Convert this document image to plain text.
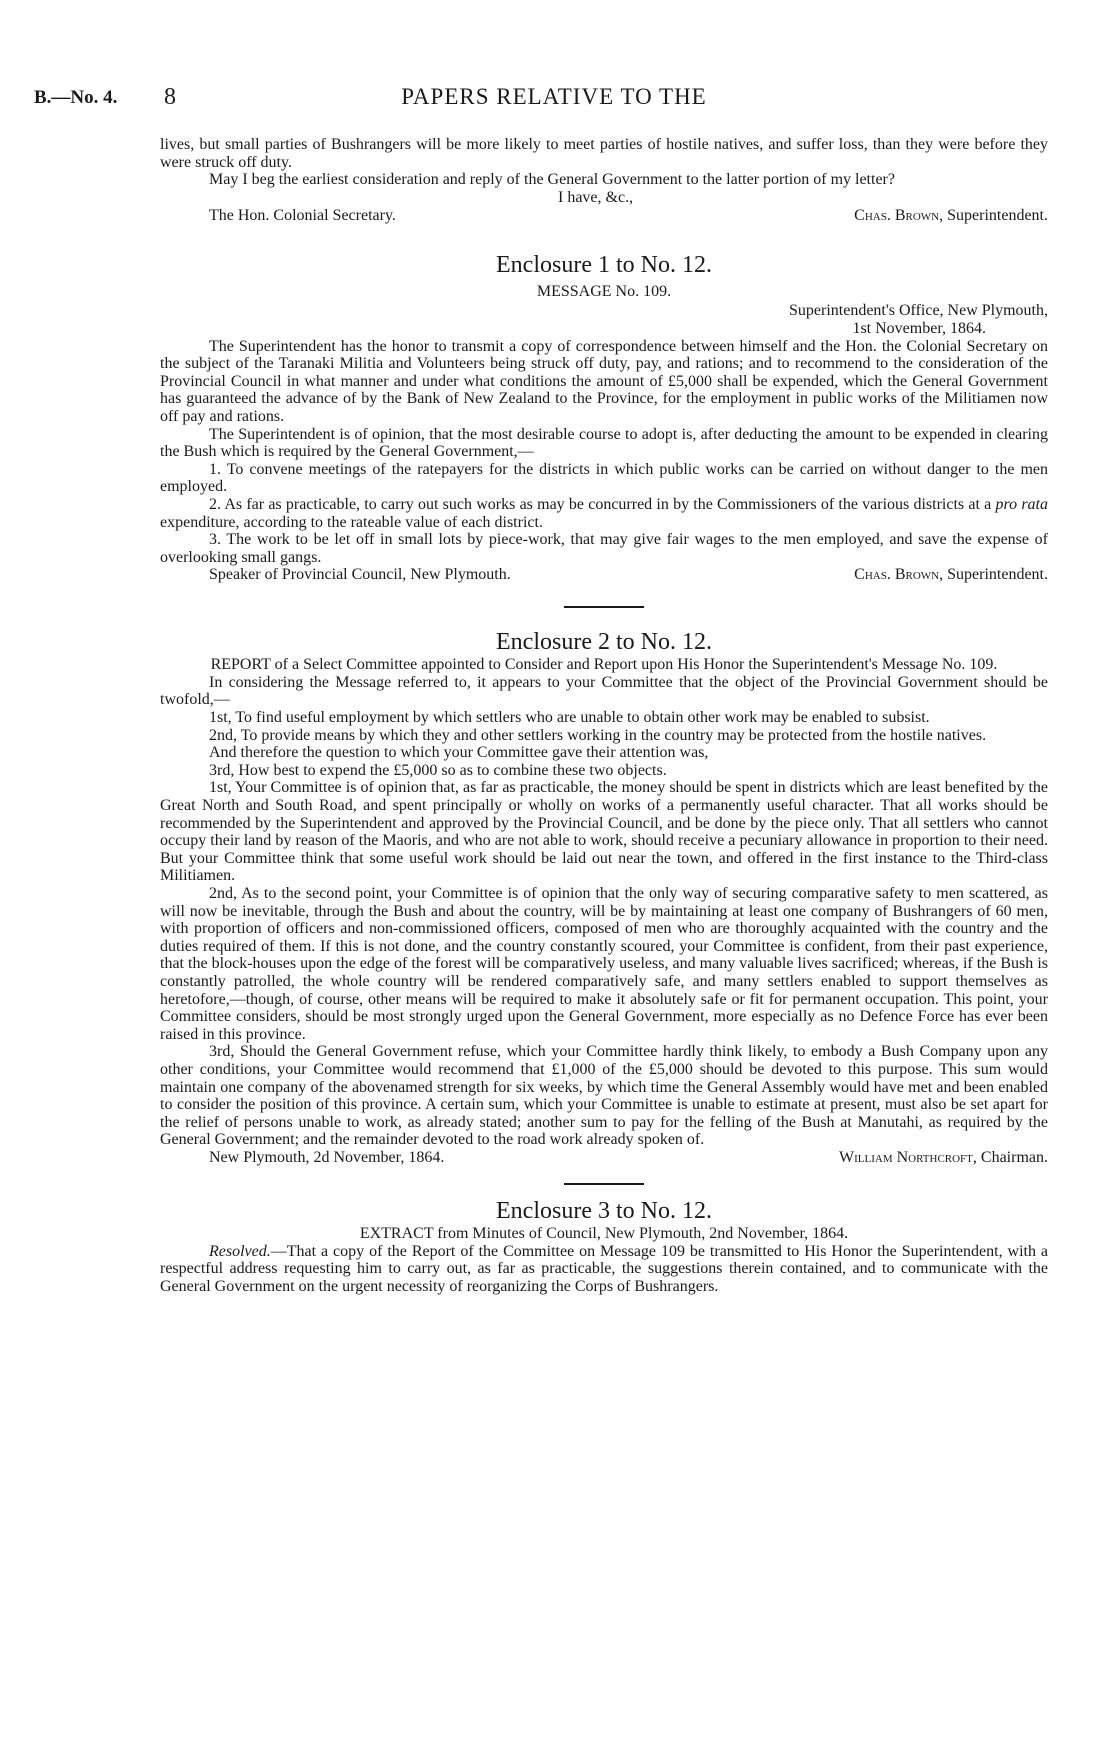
B.—No. 4. 8	PAPERS RELATIVE TO THE

lives, but small parties of Bushrangers will be more likely to meet parties of hostile natives, and suffer loss, than they were before they were struck off duty.

May I beg the earliest consideration and reply of the General Government to the latter portion of my letter?

I have, &c.,
The Hon. Colonial Secretary.	Chas. Brown, Superintendent.
Enclosure 1 to No. 12.
MESSAGE No. 109.
Superintendent's Office, New Plymouth,
1st November, 1864.

The Superintendent has the honor to transmit a copy of correspondence between himself and the Hon. the Colonial Secretary on the subject of the Taranaki Militia and Volunteers being struck off duty, pay, and rations; and to recommend to the consideration of the Provincial Council in what manner and under what conditions the amount of £5,000 shall be expended, which the General Government has guaranteed the advance of by the Bank of New Zealand to the Province, for the employment in public works of the Militiamen now off pay and rations.

The Superintendent is of opinion, that the most desirable course to adopt is, after deducting the amount to be expended in clearing the Bush which is required by the General Government,—

1. To convene meetings of the ratepayers for the districts in which public works can be carried on without danger to the men employed.

2. As far as practicable, to carry out such works as may be concurred in by the Commissioners of the various districts at a pro rata expenditure, according to the rateable value of each district.

3. The work to be let off in small lots by piece-work, that may give fair wages to the men employed, and save the expense of overlooking small gangs.

Speaker of Provincial Council, New Plymouth.	Chas. Brown, Superintendent.
Enclosure 2 to No. 12.
REPORT of a Select Committee appointed to Consider and Report upon His Honor the Superintendent's Message No. 109.

In considering the Message referred to, it appears to your Committee that the object of the Provincial Government should be twofold,—

1st, To find useful employment by which settlers who are unable to obtain other work may be enabled to subsist.

2nd, To provide means by which they and other settlers working in the country may be protected from the hostile natives.

And therefore the question to which your Committee gave their attention was,

3rd, How best to expend the £5,000 so as to combine these two objects.

1st, Your Committee is of opinion that, as far as practicable, the money should be spent in districts which are least benefited by the Great North and South Road, and spent principally or wholly on works of a permanently useful character. That all works should be recommended by the Superintendent and approved by the Provincial Council, and be done by the piece only. That all settlers who cannot occupy their land by reason of the Maoris, and who are not able to work, should receive a pecuniary allowance in proportion to their need. But your Committee think that some useful work should be laid out near the town, and offered in the first instance to the Third-class Militiamen.

2nd, As to the second point, your Committee is of opinion that the only way of securing comparative safety to men scattered, as will now be inevitable, through the Bush and about the country, will be by maintaining at least one company of Bushrangers of 60 men, with proportion of officers and non-commissioned officers, composed of men who are thoroughly acquainted with the country and the duties required of them. If this is not done, and the country constantly scoured, your Committee is confident, from their past experience, that the block-houses upon the edge of the forest will be comparatively useless, and many valuable lives sacrificed; whereas, if the Bush is constantly patrolled, the whole country will be rendered comparatively safe, and many settlers enabled to support themselves as heretofore,—though, of course, other means will be required to make it absolutely safe or fit for permanent occupation. This point, your Committee considers, should be most strongly urged upon the General Government, more especially as no Defence Force has ever been raised in this province.

3rd, Should the General Government refuse, which your Committee hardly think likely, to embody a Bush Company upon any other conditions, your Committee would recommend that £1,000 of the £5,000 should be devoted to this purpose. This sum would maintain one company of the abovenamed strength for six weeks, by which time the General Assembly would have met and been enabled to consider the position of this province. A certain sum, which your Committee is unable to estimate at present, must also be set apart for the relief of persons unable to work, as already stated; another sum to pay for the felling of the Bush at Manutahi, as required by the General Government; and the remainder devoted to the road work already spoken of.

New Plymouth, 2d November, 1864.	William Northcroft, Chairman.
Enclosure 3 to No. 12.
EXTRACT from Minutes of Council, New Plymouth, 2nd November, 1864.

Resolved.—That a copy of the Report of the Committee on Message 109 be transmitted to His Honor the Superintendent, with a respectful address requesting him to carry out, as far as practicable, the suggestions therein contained, and to communicate with the General Government on the urgent necessity of reorganizing the Corps of Bushrangers.
